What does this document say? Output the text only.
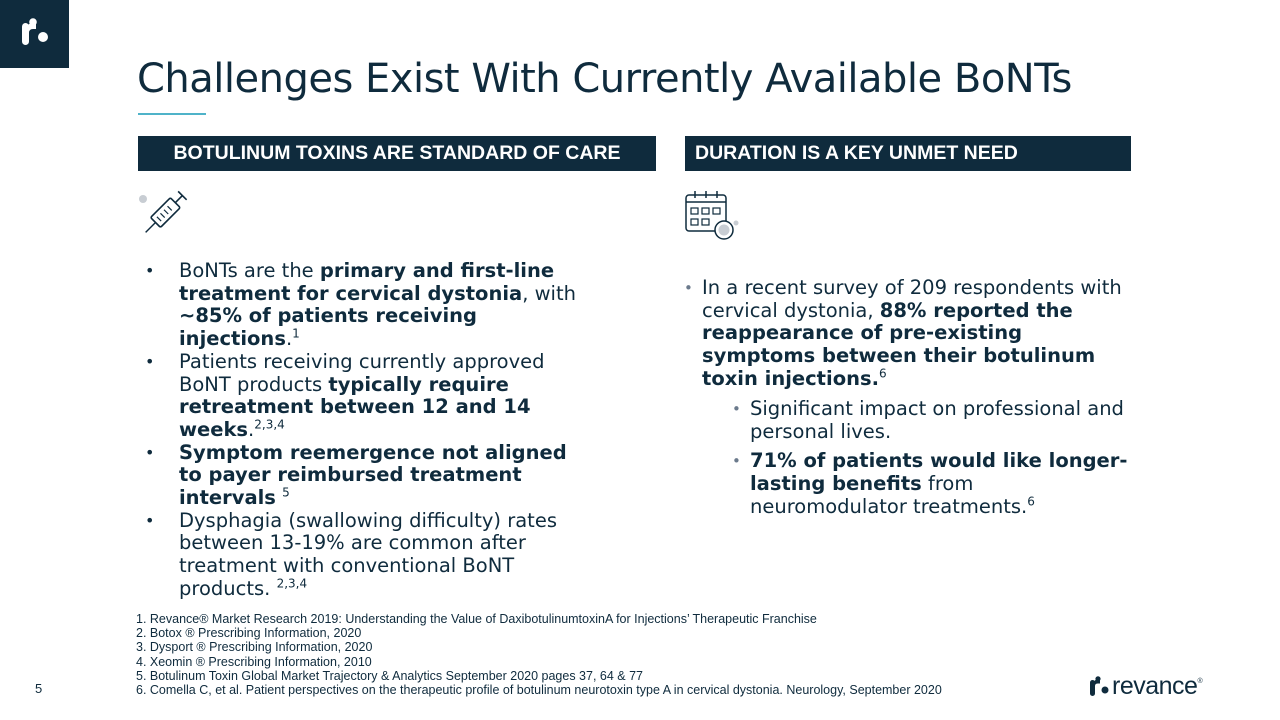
Challenges Exist With Currently Available BoNTs
BOTULINUM TOXINS ARE STANDARD OF CARE	DURATION IS A KEY UNMET NEED
• BoNTs are the primary and first-line treatment for cervical dystonia, with ~85% of patients receiving injections.$^1$
• Patients receiving currently approved BoNT products typically require retreatment between 12 and 14 weeks.$^{2,3,4}$
• Symptom reemergence not aligned to payer reimbursed treatment intervals $^5$
• Dysphagia (swallowing difficulty) rates between 13-19% are common after treatment with conventional BoNT products. $^{2,3,4}$
• In a recent survey of 209 respondents with cervical dystonia, 88% reported the reappearance of pre-existing symptoms between their botulinum toxin injections.$^6$
• Significant impact on professional and personal lives.
• 71% of patients would like longer-lasting benefits from neuromodulator treatments.$^6$
1. Revance® Market Research 2019: Understanding the Value of DaxibotulinumtoxinA for Injections’ Therapeutic Franchise
2. Botox ® Prescribing Information, 2020
3. Dysport ® Prescribing Information, 2020
4. Xeomin ® Prescribing Information, 2010
5. Botulinum Toxin Global Market Trajectory & Analytics September 2020 pages 37, 64 & 77
6. Comella C, et al. Patient perspectives on the therapeutic profile of botulinum neurotoxin type A in cervical dystonia. Neurology, September 2020
5	revance ®
